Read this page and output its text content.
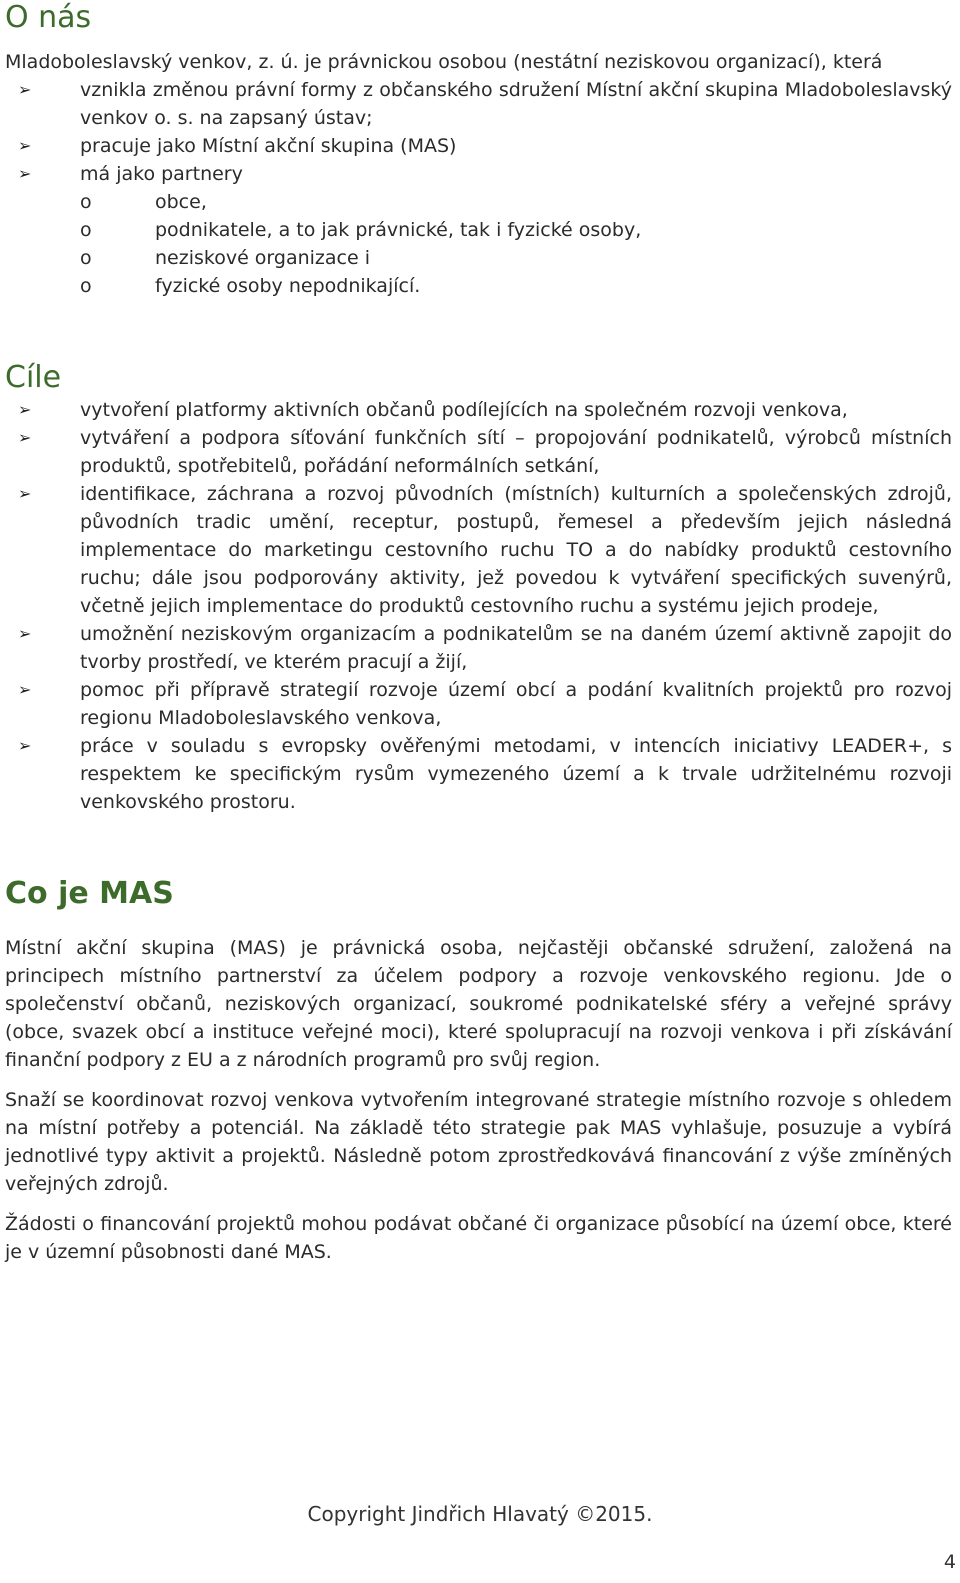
O nás

Mladoboleslavský venkov, z. ú. je právnickou osobou (nestátní neziskovou organizací), která

➢	vznikla změnou právní formy z občanského sdružení Místní akční skupina Mladoboleslavský venkov o. s. na zapsaný ústav;
➢	pracuje jako Místní akční skupina (MAS)
➢	má jako partnery
o	obce,
o	podnikatele, a to jak právnické, tak i fyzické osoby,
o	neziskové organizace i
o	fyzické osoby nepodnikající.
Cíle
➢	vytvoření platformy aktivních občanů podílejících na společném rozvoji venkova,
➢	vytváření a podpora síťování funkčních sítí – propojování podnikatelů, výrobců místních produktů, spotřebitelů, pořádání neformálních setkání,
➢	identifikace, záchrana a rozvoj původních (místních) kulturních a společenských zdrojů, původních tradic umění, receptur, postupů, řemesel a především jejich následná implementace do marketingu cestovního ruchu TO a do nabídky produktů cestovního ruchu; dále jsou podporovány aktivity, jež povedou k vytváření specifických suvenýrů, včetně jejich implementace do produktů cestovního ruchu a systému jejich prodeje,
➢	umožnění neziskovým organizacím a podnikatelům se na daném území aktivně zapojit do tvorby prostředí, ve kterém pracují a žijí,
➢	pomoc při přípravě strategií rozvoje území obcí a podání kvalitních projektů pro rozvoj regionu Mladoboleslavského venkova,
➢	práce v souladu s evropsky ověřenými metodami, v intencích iniciativy LEADER+, s respektem ke specifickým rysům vymezeného území a k trvale udržitelnému rozvoji venkovského prostoru.
Co je MAS

Místní akční skupina (MAS) je právnická osoba, nejčastěji občanské sdružení, založená na principech místního partnerství za účelem podpory a rozvoje venkovského regionu. Jde o společenství občanů, neziskových organizací, soukromé podnikatelské sféry a veřejné správy (obce, svazek obcí a instituce veřejné moci), které spolupracují na rozvoji venkova i při získávání finanční podpory z EU a z národních programů pro svůj region.

Snaží se koordinovat rozvoj venkova vytvořením integrované strategie místního rozvoje s ohledem na místní potřeby a potenciál. Na základě této strategie pak MAS vyhlašuje, posuzuje a vybírá jednotlivé typy aktivit a projektů. Následně potom zprostředkovává financování z výše zmíněných veřejných zdrojů.

Žádosti o financování projektů mohou podávat občané či organizace působící na území obce, které je v územní působnosti dané MAS.

Copyright Jindřich Hlavatý ©2015.
4
